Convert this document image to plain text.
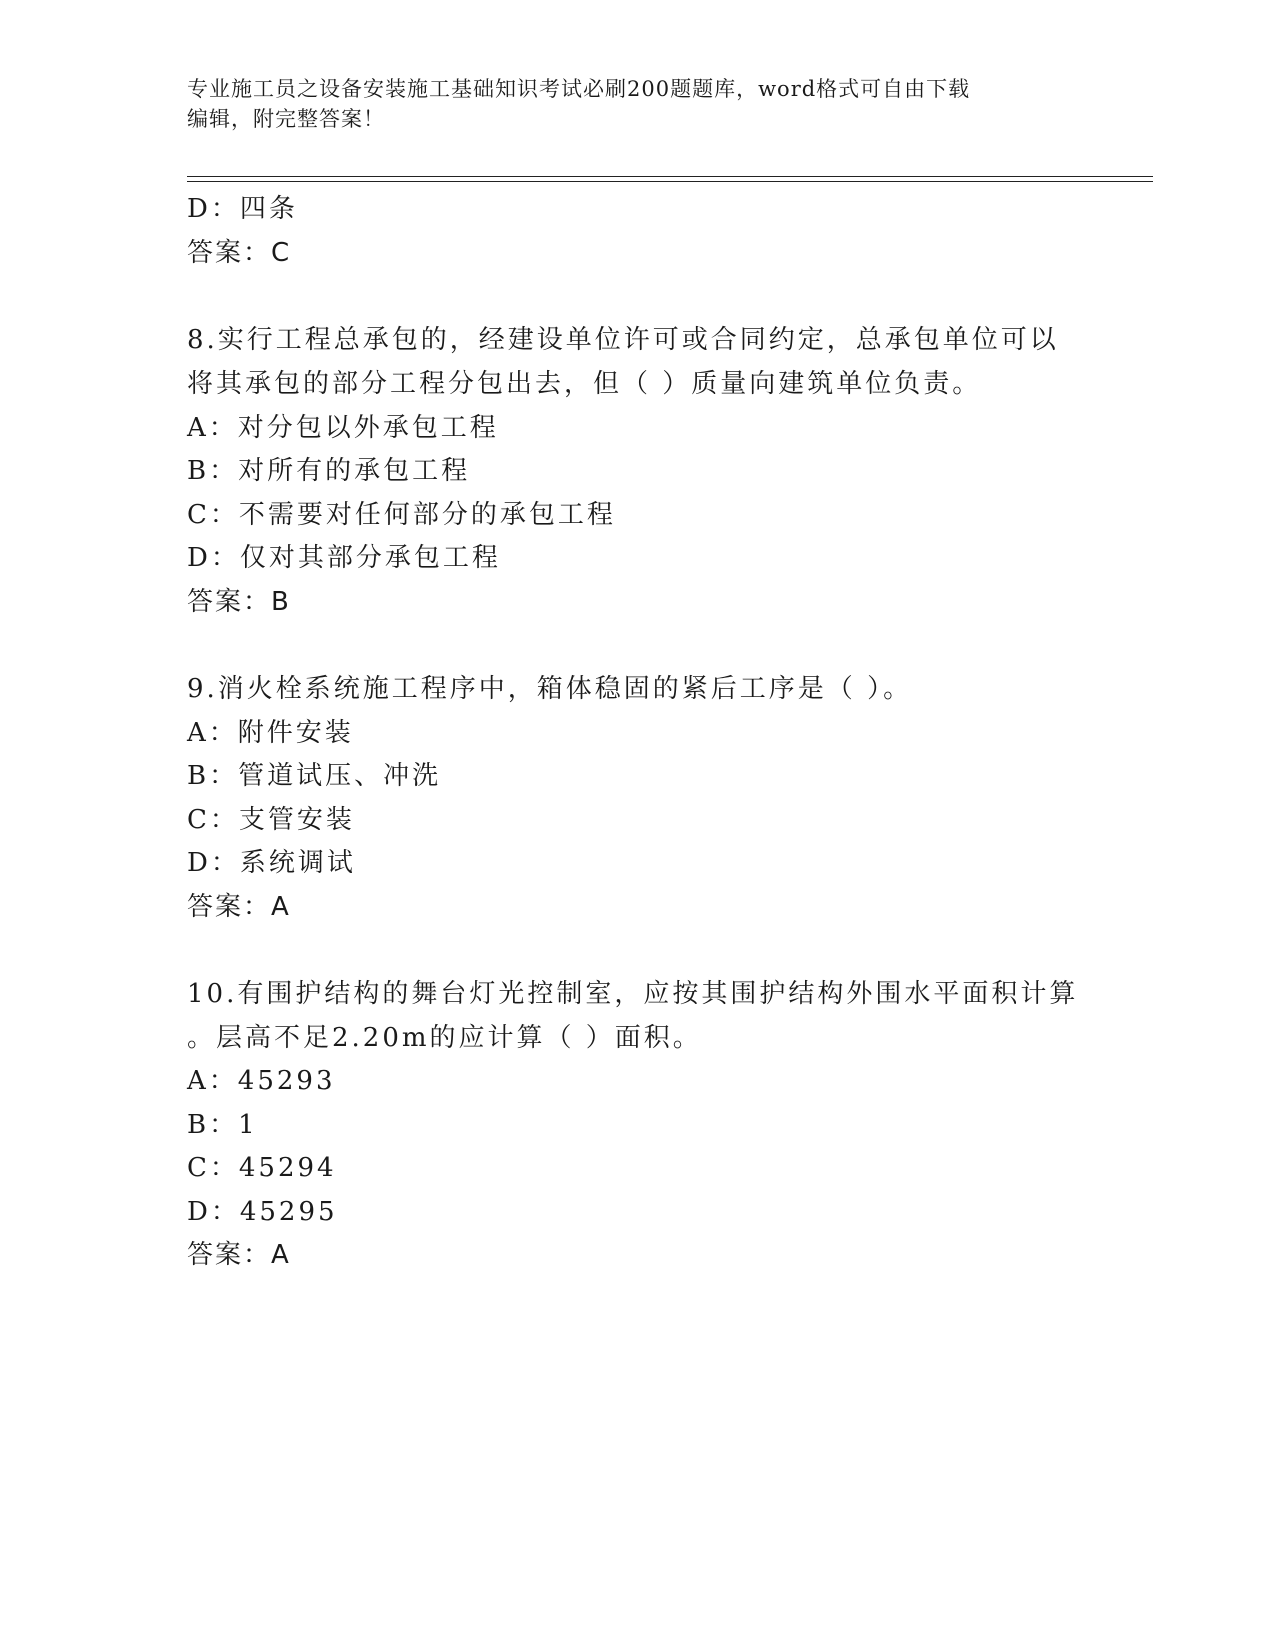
专业施工员之设备安装施工基础知识考试必刷200题题库，word格式可自由下载
编辑，附完整答案！
D：四条
答案：C
8.实行工程总承包的，经建设单位许可或合同约定，总承包单位可以
将其承包的部分工程分包出去，但（ ）质量向建筑单位负责。
A：对分包以外承包工程
B：对所有的承包工程
C：不需要对任何部分的承包工程
D：仅对其部分承包工程
答案：B
9.消火栓系统施工程序中，箱体稳固的紧后工序是（ ）。
A：附件安装
B：管道试压、冲洗
C：支管安装
D：系统调试
答案：A
10.有围护结构的舞台灯光控制室，应按其围护结构外围水平面积计算
。层高不足2.20m的应计算（ ）面积。
A：45293
B：1
C：45294
D：45295
答案：A
